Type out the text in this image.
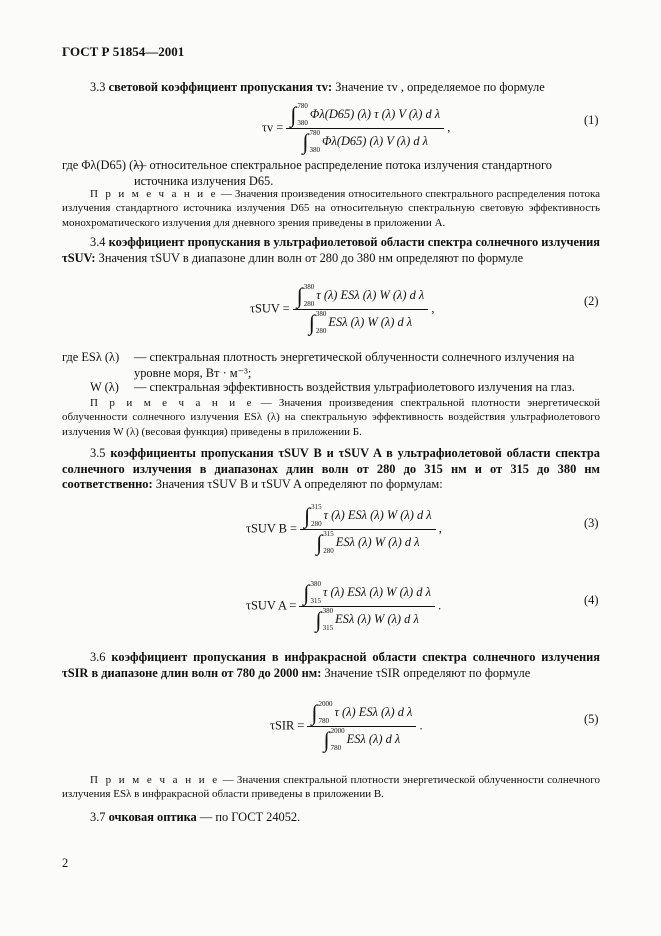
ГОСТ Р 51854—2001
3.3 световой коэффициент пропускания τv: Значение τv , определяемое по формуле
τv = ∫ 780
380
Φλ(D65) (λ) τ (λ) V (λ) d λ
∫ 780
380
Φλ(D65) (λ) V (λ) d λ ,
(1)
где Φλ(D65) (λ)
— относительное спектральное распределение потока излучения стандартного источника излучения D65.
П р и м е ч а н и е — Значения произведения относительного спектрального распределения потока излучения стандартного источника излучения D65 на относительную спектральную световую эффективность монохроматического излучения для дневного зрения приведены в приложении А.
3.4 коэффициент пропускания в ультрафиолетовой области спектра солнечного излучения τSUV: Значения τSUV в диапазоне длин волн от 280 до 380 нм определяют по формуле
τSUV = ∫ 380
280
τ (λ) ESλ (λ) W (λ) d λ
∫ 380
280
ESλ (λ) W (λ) d λ ,
(2)
где ESλ (λ) — спектральная плотность энергетической облученности солнечного излучения на уровне моря, Вт · м⁻³;
W (λ) — спектральная эффективность воздействия ультрафиолетового излучения на глаз.
П р и м е ч а н и е — Значения произведения спектральной плотности энергетической облученности солнечного излучения ESλ (λ) на спектральную эффективность воздействия ультрафиолетового излучения W (λ) (весовая функция) приведены в приложении Б.
3.5 коэффициенты пропускания τSUV B и τSUV A в ультрафиолетовой области спектра солнечного излучения в диапазонах длин волн от 280 до 315 нм и от 315 до 380 нм соответственно: Значения τSUV B и τSUV A определяют по формулам:
τSUV B = ∫ 315
280
τ (λ) ESλ (λ) W (λ) d λ
∫ 315
280
ESλ (λ) W (λ) d λ ,	(3)
τSUV A = ∫ 380
315
τ (λ) ESλ (λ) W (λ) d λ
∫ 380
315
ESλ (λ) W (λ) d λ .	(4)
3.6 коэффициент пропускания в инфракрасной области спектра солнечного излучения τSIR в диапазоне длин волн от 780 до 2000 нм: Значение τSIR определяют по формуле
τSIR = ∫ 2000
780
τ (λ) ESλ (λ) d λ
∫ 2000
780
ESλ (λ) d λ .	(5)
П р и м е ч а н и е — Значения спектральной плотности энергетической облученности солнечного излучения ESλ в инфракрасной области приведены в приложении В.
3.7 очковая оптика — по ГОСТ 24052.
2
